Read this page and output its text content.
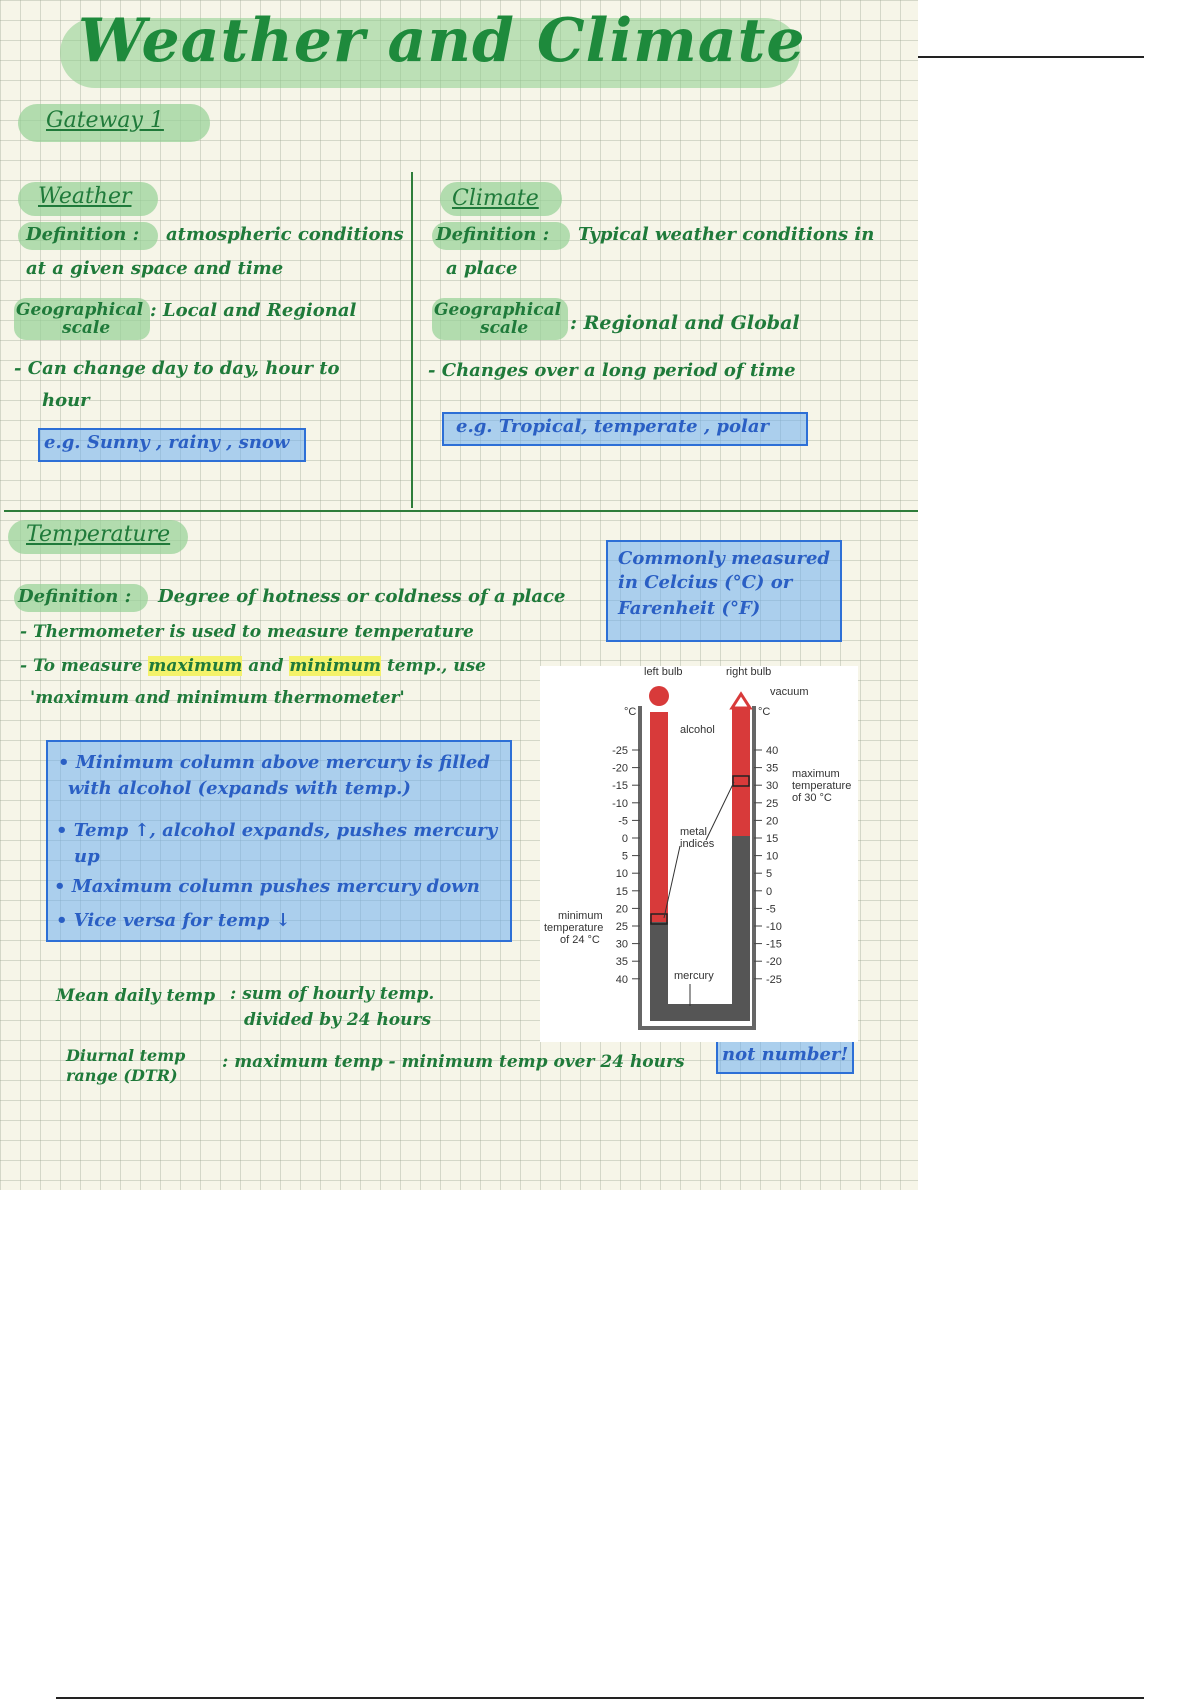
Weather and Climate
Gateway 1
Weather
Definition : atmospheric conditions
at a given space and time
Geographical
scale
: Local and Regional
- Can change day to day, hour to
hour
e.g. Sunny , rainy , snow
Climate
Definition : Typical weather conditions in
a place
Geographical
scale : Regional and Global
- Changes over a long period of time
e.g. Tropical, temperate , polar
Temperature
Commonly measured
in Celcius (°C) or
Farenheit (°F)
Definition : Degree of hotness or coldness of a place
- Thermometer is used to measure temperature
- To measure maximum and minimum temp., use
'maximum and minimum thermometer'
• Minimum column above mercury is filled
with alcohol (expands with temp.)
• Temp ↑, alcohol expands, pushes mercury
up
• Maximum column pushes mercury down
• Vice versa for temp ↓
Mean daily temp : sum of hourly temp.
divided by 24 hours
Diurnal temp
range (DTR)
: maximum temp - minimum temp over 24 hours not number!
-25
-20
-15
-10
-5
0
5
10
15
20
25
30
35
40
40
35
30
25
20
15
10
5
0
-5
-10
-15
-20
-25
left bulb	right bulb
vacuum
°C	°C
alcohol
metal
indices
mercury
minimum
temperature
of 24 °C
maximum
temperature
of 30 °C
